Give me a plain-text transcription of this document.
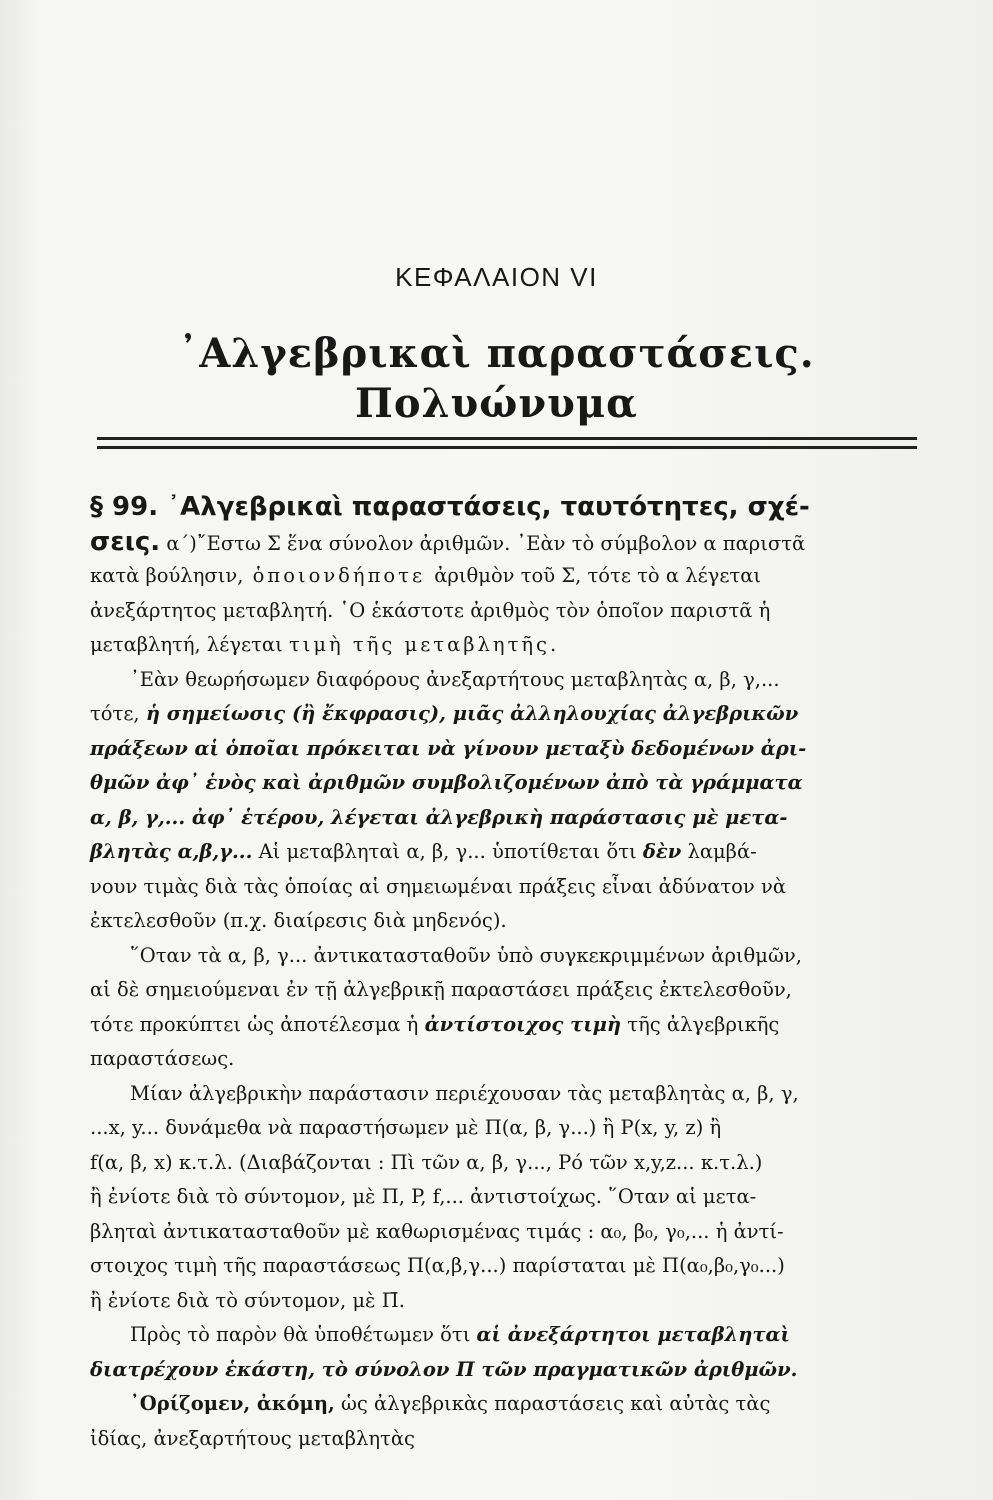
ΚΕΦΑΛΑΙΟΝ VI
᾿Αλγεβρικαὶ παραστάσεις.
Πολυώνυμα
§ 99. ᾿Αλγεβρικαὶ παραστάσεις, ταυτότητες, σχέ-
σεις. α΄)῎Εστω Σ ἕνα σύνολον ἀριθμῶν. ᾿Εὰν τὸ σύμβολον α παριστᾶ
κατὰ βούλησιν, ὁποιονδήποτε ἀριθμὸν τοῦ Σ, τότε τὸ α λέγεται
ἀνεξάρτητος μεταβλητή. ῾Ο ἑκάστοτε ἀριθμὸς τὸν ὁποῖον παριστᾶ ἡ
μεταβλητή, λέγεται τιμὴ τῆς μεταβλητῆς.
᾿Εὰν θεωρήσωμεν διαφόρους ἀνεξαρτήτους μεταβλητὰς α, β, γ,...
τότε, ἡ σημείωσις (ἢ ἔκφρασις), μιᾶς ἀλληλουχίας ἀλγεβρικῶν
πράξεων αἱ ὁποῖαι πρόκειται νὰ γίνουν μεταξὺ δεδομένων ἀρι-
θμῶν ἀφ᾽ ἑνὸς καὶ ἀριθμῶν συμβολιζομένων ἀπὸ τὰ γράμματα
α, β, γ,... ἀφ᾽ ἑτέρου, λέγεται ἀλγεβρικὴ παράστασις μὲ μετα-
βλητὰς α,β,γ... Αἱ μεταβληταὶ α, β, γ... ὑποτίθεται ὅτι δὲν λαμβά-
νουν τιμὰς διὰ τὰς ὁποίας αἱ σημειωμέναι πράξεις εἶναι ἀδύνατον νὰ
ἐκτελεσθοῦν (π.χ. διαίρεσις διὰ μηδενός).
῞Οταν τὰ α, β, γ... ἀντικατασταθοῦν ὑπὸ συγκεκριμμένων ἀριθμῶν,
αἱ δὲ σημειούμεναι ἐν τῇ ἀλγεβρικῇ παραστάσει πράξεις ἐκτελεσθοῦν,
τότε προκύπτει ὡς ἀποτέλεσμα ἡ ἀντίστοιχος τιμὴ τῆς ἀλγεβρικῆς
παραστάσεως.
Μίαν ἀλγεβρικὴν παράστασιν περιέχουσαν τὰς μεταβλητὰς α, β, γ,
...x, y... δυνάμεθα νὰ παραστήσωμεν μὲ Π(α, β, γ...) ἢ P(x, y, z) ἢ
f(α, β, x) κ.τ.λ. (Διαβάζονται : Πὶ τῶν α, β, γ..., Ρό τῶν x,y,z... κ.τ.λ.)
ἢ ἐνίοτε διὰ τὸ σύντομον, μὲ Π, P, f,... ἀντιστοίχως. ῞Οταν αἱ μετα-
βληταὶ ἀντικατασταθοῦν μὲ καθωρισμένας τιμάς : α₀, β₀, γ₀,... ἡ ἀντί-
στοιχος τιμὴ τῆς παραστάσεως Π(α,β,γ...) παρίσταται μὲ Π(α₀,β₀,γ₀...)
ἢ ἐνίοτε διὰ τὸ σύντομον, μὲ Π̄.
Πρὸς τὸ παρὸν θὰ ὑποθέτωμεν ὅτι αἱ ἀνεξάρτητοι μεταβληταὶ
διατρέχουν ἑκάστη, τὸ σύνολον Π τῶν πραγματικῶν ἀριθμῶν.
᾿Ορίζομεν, ἀκόμη, ὡς ἀλγεβρικὰς παραστάσεις καὶ αὐτὰς τὰς
ἰδίας, ἀνεξαρτήτους μεταβλητὰς
